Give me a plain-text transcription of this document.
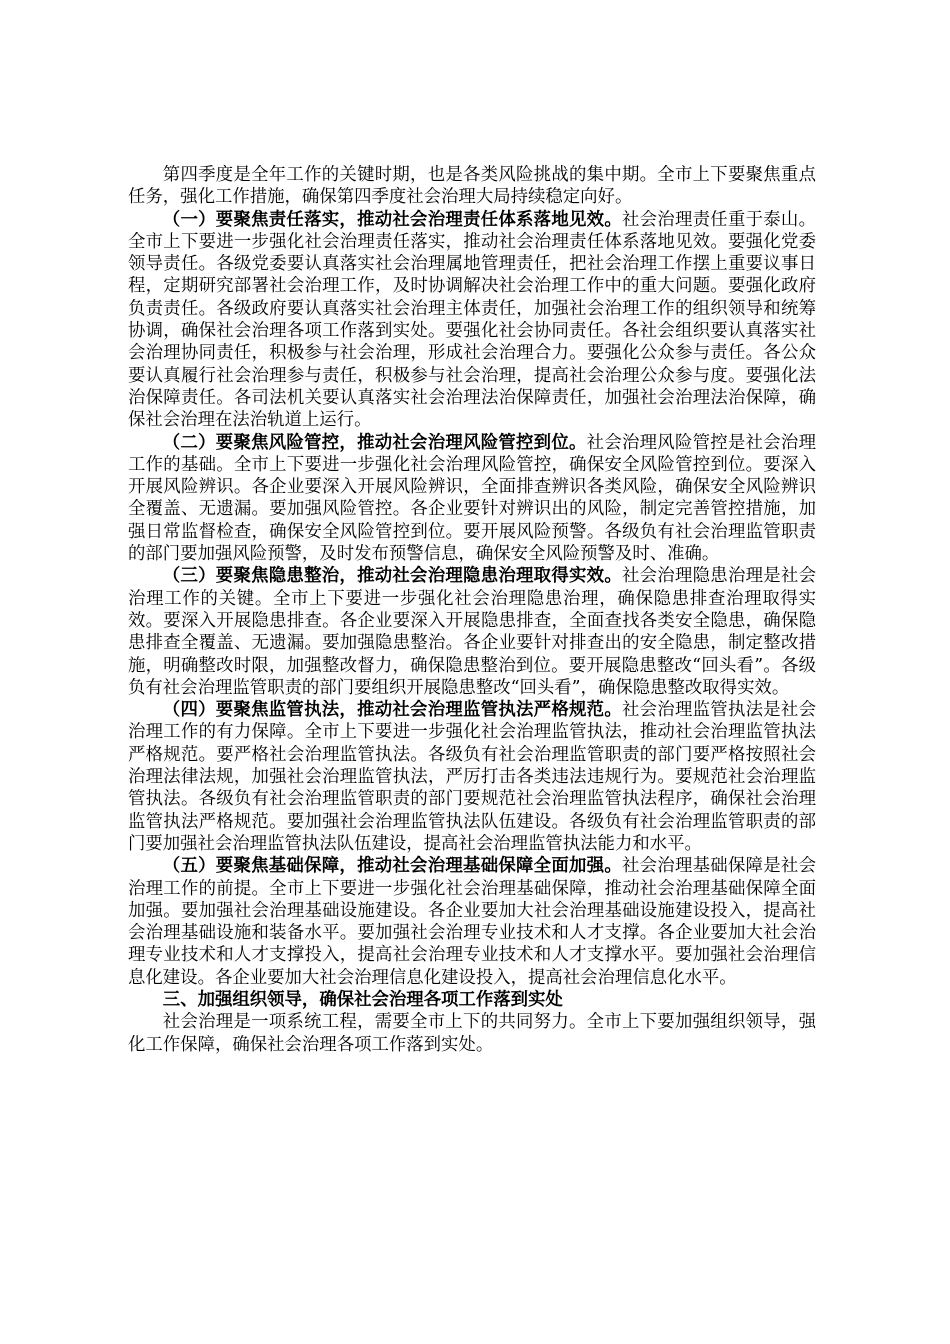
第四季度是全年工作的关键时期，也是各类风险挑战的集中期。全市上下要聚焦重点任务，强化工作措施，确保第四季度社会治理大局持续稳定向好。

（一）要聚焦责任落实，推动社会治理责任体系落地见效。社会治理责任重于泰山。全市上下要进一步强化社会治理责任落实，推动社会治理责任体系落地见效。要强化党委领导责任。各级党委要认真落实社会治理属地管理责任，把社会治理工作摆上重要议事日程，定期研究部署社会治理工作，及时协调解决社会治理工作中的重大问题。要强化政府负责责任。各级政府要认真落实社会治理主体责任，加强社会治理工作的组织领导和统筹协调，确保社会治理各项工作落到实处。要强化社会协同责任。各社会组织要认真落实社会治理协同责任，积极参与社会治理，形成社会治理合力。要强化公众参与责任。各公众要认真履行社会治理参与责任，积极参与社会治理，提高社会治理公众参与度。要强化法治保障责任。各司法机关要认真落实社会治理法治保障责任，加强社会治理法治保障，确保社会治理在法治轨道上运行。

（二）要聚焦风险管控，推动社会治理风险管控到位。社会治理风险管控是社会治理工作的基础。全市上下要进一步强化社会治理风险管控，确保安全风险管控到位。要深入开展风险辨识。各企业要深入开展风险辨识，全面排查辨识各类风险，确保安全风险辨识全覆盖、无遗漏。要加强风险管控。各企业要针对辨识出的风险，制定完善管控措施，加强日常监督检查，确保安全风险管控到位。要开展风险预警。各级负有社会治理监管职责的部门要加强风险预警，及时发布预警信息，确保安全风险预警及时、准确。

（三）要聚焦隐患整治，推动社会治理隐患治理取得实效。社会治理隐患治理是社会治理工作的关键。全市上下要进一步强化社会治理隐患治理，确保隐患排查治理取得实效。要深入开展隐患排查。各企业要深入开展隐患排查，全面查找各类安全隐患，确保隐患排查全覆盖、无遗漏。要加强隐患整治。各企业要针对排查出的安全隐患，制定整改措施，明确整改时限，加强整改督力，确保隐患整治到位。要开展隐患整改“回头看”。各级负有社会治理监管职责的部门要组织开展隐患整改“回头看”，确保隐患整改取得实效。

（四）要聚焦监管执法，推动社会治理监管执法严格规范。社会治理监管执法是社会治理工作的有力保障。全市上下要进一步强化社会治理监管执法，推动社会治理监管执法严格规范。要严格社会治理监管执法。各级负有社会治理监管职责的部门要严格按照社会治理法律法规，加强社会治理监管执法，严厉打击各类违法违规行为。要规范社会治理监管执法。各级负有社会治理监管职责的部门要规范社会治理监管执法程序，确保社会治理监管执法严格规范。要加强社会治理监管执法队伍建设。各级负有社会治理监管职责的部门要加强社会治理监管执法队伍建设，提高社会治理监管执法能力和水平。

（五）要聚焦基础保障，推动社会治理基础保障全面加强。社会治理基础保障是社会治理工作的前提。全市上下要进一步强化社会治理基础保障，推动社会治理基础保障全面加强。要加强社会治理基础设施建设。各企业要加大社会治理基础设施建设投入，提高社会治理基础设施和装备水平。要加强社会治理专业技术和人才支撑。各企业要加大社会治理专业技术和人才支撑投入，提高社会治理专业技术和人才支撑水平。要加强社会治理信息化建设。各企业要加大社会治理信息化建设投入，提高社会治理信息化水平。

三、加强组织领导，确保社会治理各项工作落到实处

社会治理是一项系统工程，需要全市上下的共同努力。全市上下要加强组织领导，强化工作保障，确保社会治理各项工作落到实处。
